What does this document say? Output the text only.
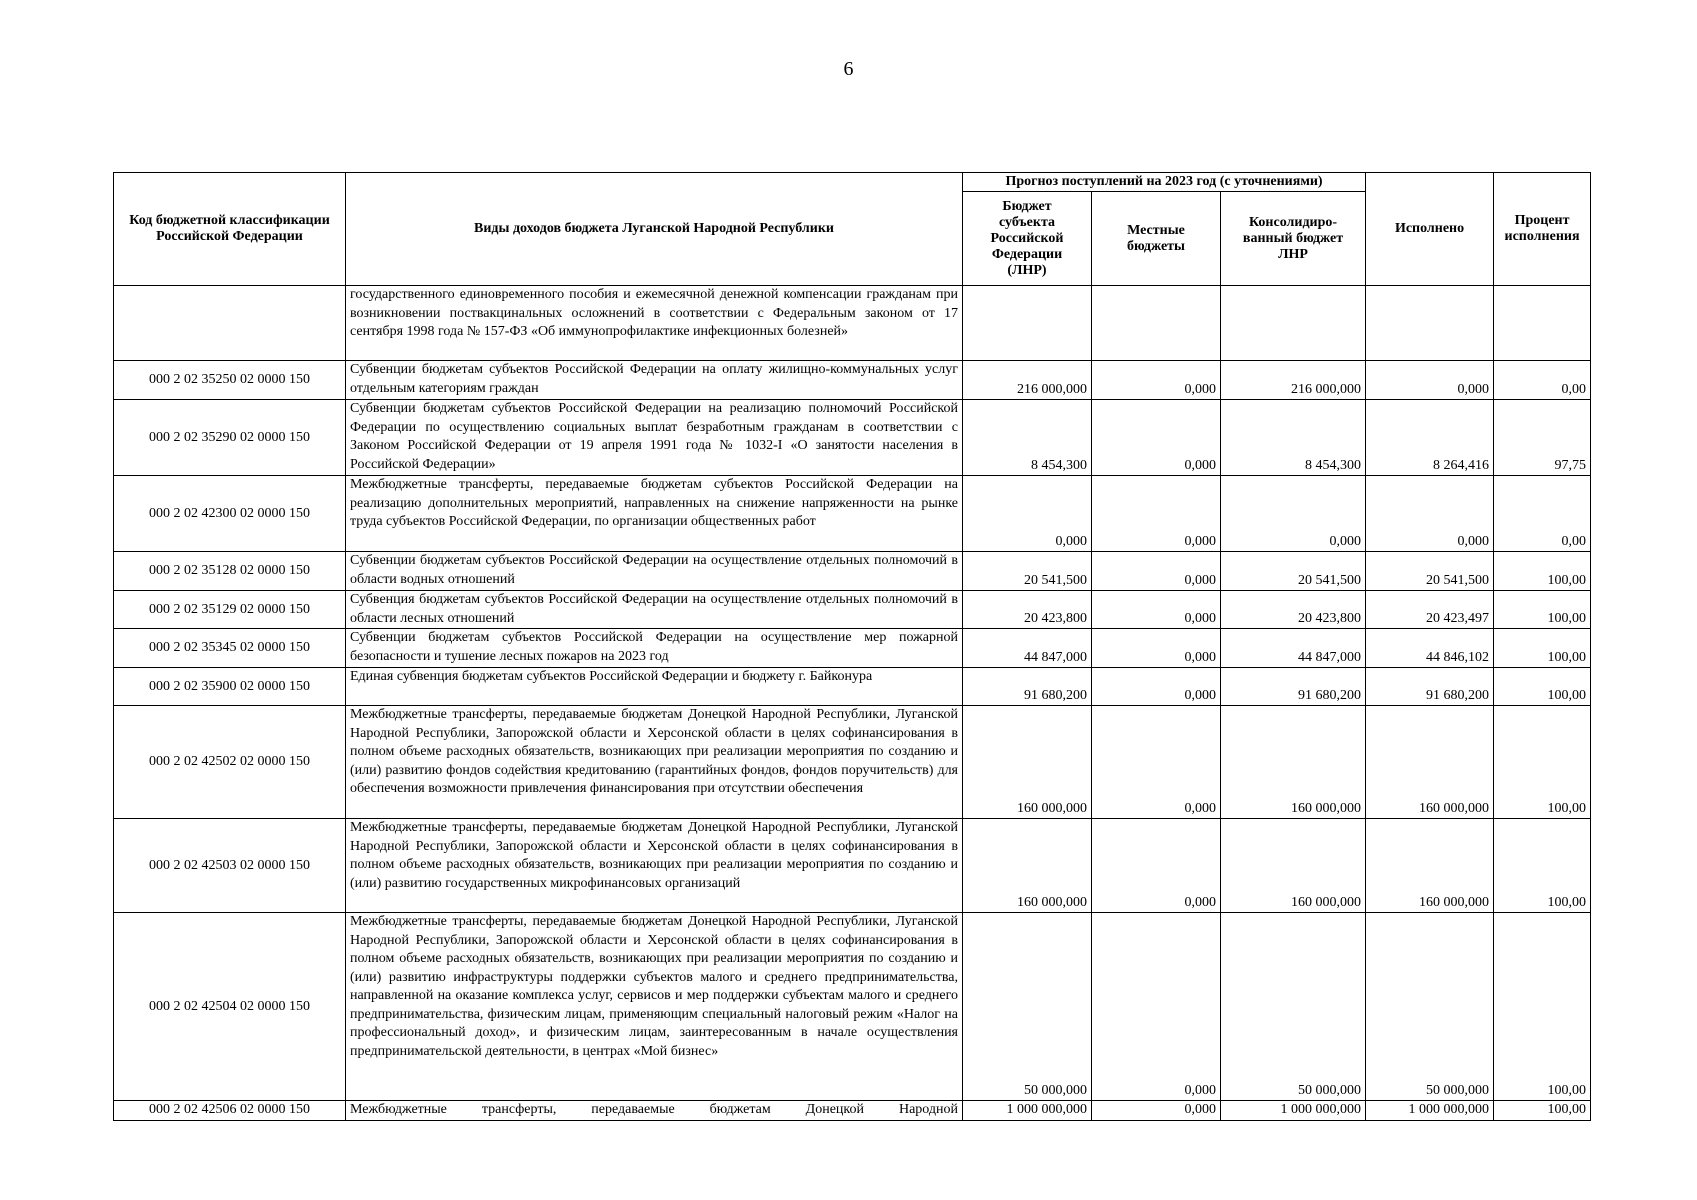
6
Код бюджетной классификации Российской Федерации	Виды доходов бюджета Луганской Народной Республики	Прогноз поступлений на 2023 год (с уточнениями)			Исполнено	Процент исполнения
		Бюджет субъекта Российской Федерации (ЛНР)	Местные бюджеты	Консолидиро-ванный бюджет ЛНР		
	государственного единовременного пособия и ежемесячной денежной компенсации гражданам при возникновении поствакцинальных осложнений в соответствии с Федеральным законом от 17 сентября 1998 года № 157-ФЗ «Об иммунопрофилактике инфекционных болезней»					
000 2 02 35250 02 0000 150	Субвенции бюджетам субъектов Российской Федерации на оплату жилищно-коммунальных услуг отдельным категориям граждан	216 000,000	0,000	216 000,000	0,000	0,00
000 2 02 35290 02 0000 150	Субвенции бюджетам субъектов Российской Федерации на реализацию полномочий Российской Федерации по осуществлению социальных выплат безработным гражданам в соответствии с Законом Российской Федерации от 19 апреля 1991 года № 1032-I «О занятости населения в Российской Федерации»	8 454,300	0,000	8 454,300	8 264,416	97,75
000 2 02 42300 02 0000 150	Межбюджетные трансферты, передаваемые бюджетам субъектов Российской Федерации на реализацию дополнительных мероприятий, направленных на снижение напряженности на рынке труда субъектов Российской Федерации, по организации общественных работ	0,000	0,000	0,000	0,000	0,00
000 2 02 35128 02 0000 150	Субвенции бюджетам субъектов Российской Федерации на осуществление отдельных полномочий в области водных отношений	20 541,500	0,000	20 541,500	20 541,500	100,00
000 2 02 35129 02 0000 150	Субвенция бюджетам субъектов Российской Федерации на осуществление отдельных полномочий в области лесных отношений	20 423,800	0,000	20 423,800	20 423,497	100,00
000 2 02 35345 02 0000 150	Субвенции бюджетам субъектов Российской Федерации на осуществление мер пожарной безопасности и тушение лесных пожаров на 2023 год	44 847,000	0,000	44 847,000	44 846,102	100,00
000 2 02 35900 02 0000 150	Единая субвенция бюджетам субъектов Российской Федерации и бюджету г. Байконура	91 680,200	0,000	91 680,200	91 680,200	100,00
000 2 02 42502 02 0000 150	Межбюджетные трансферты, передаваемые бюджетам Донецкой Народной Республики, Луганской Народной Республики, Запорожской области и Херсонской области в целях софинансирования в полном объеме расходных обязательств, возникающих при реализации мероприятия по созданию и (или) развитию фондов содействия кредитованию (гарантийных фондов, фондов поручительств) для обеспечения возможности привлечения финансирования при отсутствии обеспечения	160 000,000	0,000	160 000,000	160 000,000	100,00
000 2 02 42503 02 0000 150	Межбюджетные трансферты, передаваемые бюджетам Донецкой Народной Республики, Луганской Народной Республики, Запорожской области и Херсонской области в целях софинансирования в полном объеме расходных обязательств, возникающих при реализации мероприятия по созданию и (или) развитию государственных микрофинансовых организаций	160 000,000	0,000	160 000,000	160 000,000	100,00
000 2 02 42504 02 0000 150	Межбюджетные трансферты, передаваемые бюджетам Донецкой Народной Республики, Луганской Народной Республики, Запорожской области и Херсонской области в целях софинансирования в полном объеме расходных обязательств, возникающих при реализации мероприятия по созданию и (или) развитию инфраструктуры поддержки субъектов малого и среднего предпринимательства, направленной на оказание комплекса услуг, сервисов и мер поддержки субъектам малого и среднего предпринимательства, физическим лицам, применяющим специальный налоговый режим «Налог на профессиональный доход», и физическим лицам, заинтересованным в начале осуществления предпринимательской деятельности, в центрах «Мой бизнес»	50 000,000	0,000	50 000,000	50 000,000	100,00
000 2 02 42506 02 0000 150	Межбюджетные трансферты, передаваемые бюджетам Донецкой Народной	1 000 000,000	0,000	1 000 000,000	1 000 000,000	100,00
